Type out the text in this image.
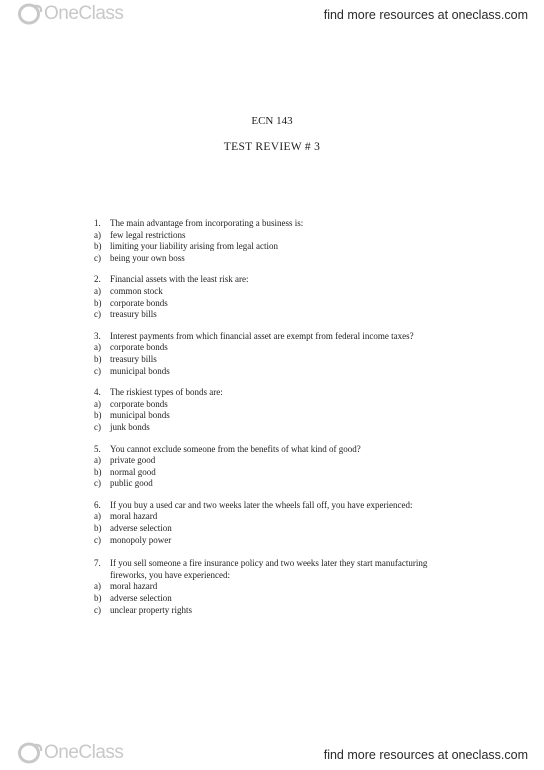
OneClass	find more resources at oneclass.com
ECN 143
TEST REVIEW # 3
1.	The main advantage from incorporating a business is:
a)	few legal restrictions
b) limiting your liability arising from legal action
c)	being your own boss
2.	Financial assets with the least risk are:
a)	common stock
b) corporate bonds
c)	treasury bills
3.	Interest payments from which financial asset are exempt from federal income taxes?
a)	corporate bonds
b) treasury bills
c)	municipal bonds
4.	The riskiest types of bonds are:
a)	corporate bonds
b) municipal bonds
c)	junk bonds
5.	You cannot exclude someone from the benefits of what kind of good?
a)	private good
b) normal good
c)	public good
6.	If you buy a used car and two weeks later the wheels fall off, you have experienced:
a)	moral hazard
b) adverse selection
c)	monopoly power
7.	If you sell someone a fire insurance policy and two weeks later they start manufacturing fireworks, you have experienced:
a)	moral hazard
b) adverse selection
c)	unclear property rights
OneClass	find more resources at oneclass.com
